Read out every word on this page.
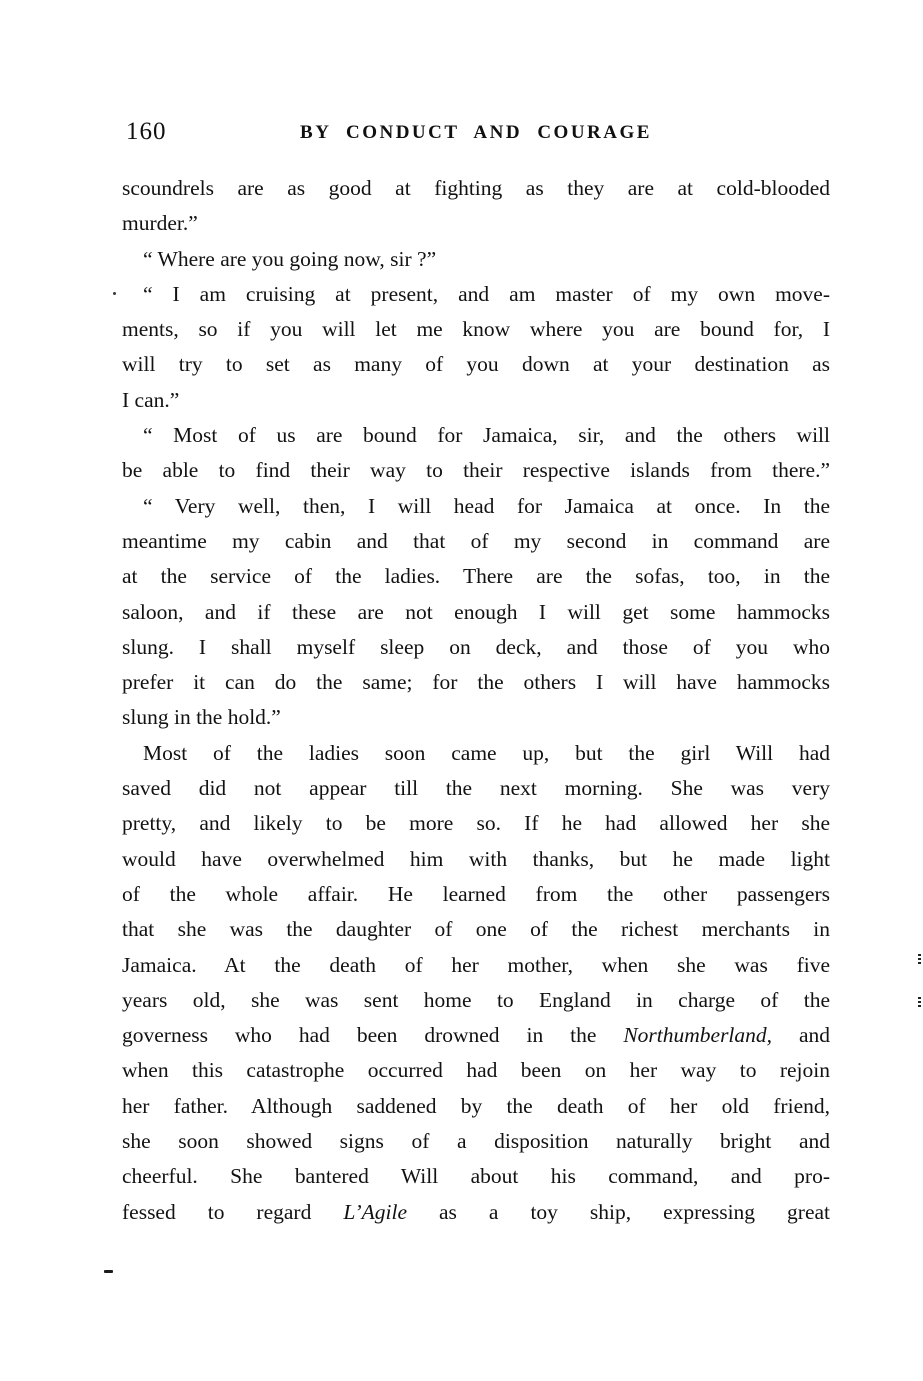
160	BY CONDUCT AND COURAGE
scoundrels are as good at fighting as they are at cold-blooded
murder.”
“ Where are you going now, sir ?”
“ I am cruising at present, and am master of my own move-
ments, so if you will let me know where you are bound for, I
will try to set as many of you down at your destination as
I can.”
“ Most of us are bound for Jamaica, sir, and the others will
be able to find their way to their respective islands from there.”
“ Very well, then, I will head for Jamaica at once. In the
meantime my cabin and that of my second in command are
at the service of the ladies. There are the sofas, too, in the
saloon, and if these are not enough I will get some hammocks
slung. I shall myself sleep on deck, and those of you who
prefer it can do the same; for the others I will have hammocks
slung in the hold.”
Most of the ladies soon came up, but the girl Will had
saved did not appear till the next morning. She was very
pretty, and likely to be more so. If he had allowed her she
would have overwhelmed him with thanks, but he made light
of the whole affair. He learned from the other passengers
that she was the daughter of one of the richest merchants in
Jamaica. At the death of her mother, when she was five
years old, she was sent home to England in charge of the
governess who had been drowned in the Northumberland, and
when this catastrophe occurred had been on her way to rejoin
her father. Although saddened by the death of her old friend,
she soon showed signs of a disposition naturally bright and
cheerful. She bantered Will about his command, and pro-
fessed to regard L’Agile as a toy ship, expressing great
